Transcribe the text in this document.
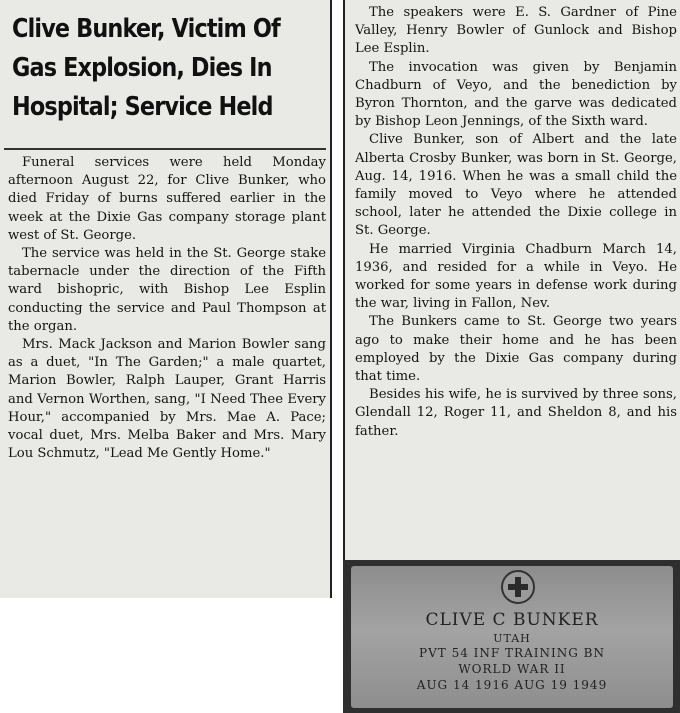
Clive Bunker, Victim Of
Gas Explosion, Dies In
Hospital; Service Held

Funeral services were held Monday afternoon August 22, for Clive Bunker, who died Friday of burns suffered earlier in the week at the Dixie Gas company storage plant west of St. George.

The service was held in the St. George stake tabernacle under the direction of the Fifth ward bishopric, with Bishop Lee Esplin conducting the service and Paul Thompson at the organ.

Mrs. Mack Jackson and Marion Bowler sang as a duet, "In The Garden;" a male quartet, Marion Bowler, Ralph Lauper, Grant Harris and Vernon Worthen, sang, "I Need Thee Every Hour," accompanied by Mrs. Mae A. Pace; vocal duet, Mrs. Melba Baker and Mrs. Mary Lou Schmutz, "Lead Me Gently Home."

The speakers were E. S. Gardner of Pine Valley, Henry Bowler of Gunlock and Bishop Lee Esplin.

The invocation was given by Benjamin Chadburn of Veyo, and the benediction by Byron Thornton, and the garve was dedicated by Bishop Leon Jennings, of the Sixth ward.

Clive Bunker, son of Albert and the late Alberta Crosby Bunker, was born in St. George, Aug. 14, 1916. When he was a small child the family moved to Veyo where he attended school, later he attended the Dixie college in St. George.

He married Virginia Chadburn March 14, 1936, and resided for a while in Veyo. He worked for some years in defense work during the war, living in Fallon, Nev.

The Bunkers came to St. George two years ago to make their home and he has been employed by the Dixie Gas company during that time.

Besides his wife, he is survived by three sons, Glendall 12, Roger 11, and Sheldon 8, and his father.

CLIVE C BUNKER
UTAH
PVT 54 INF TRAINING BN
WORLD WAR II
AUG 14 1916 AUG 19 1949
